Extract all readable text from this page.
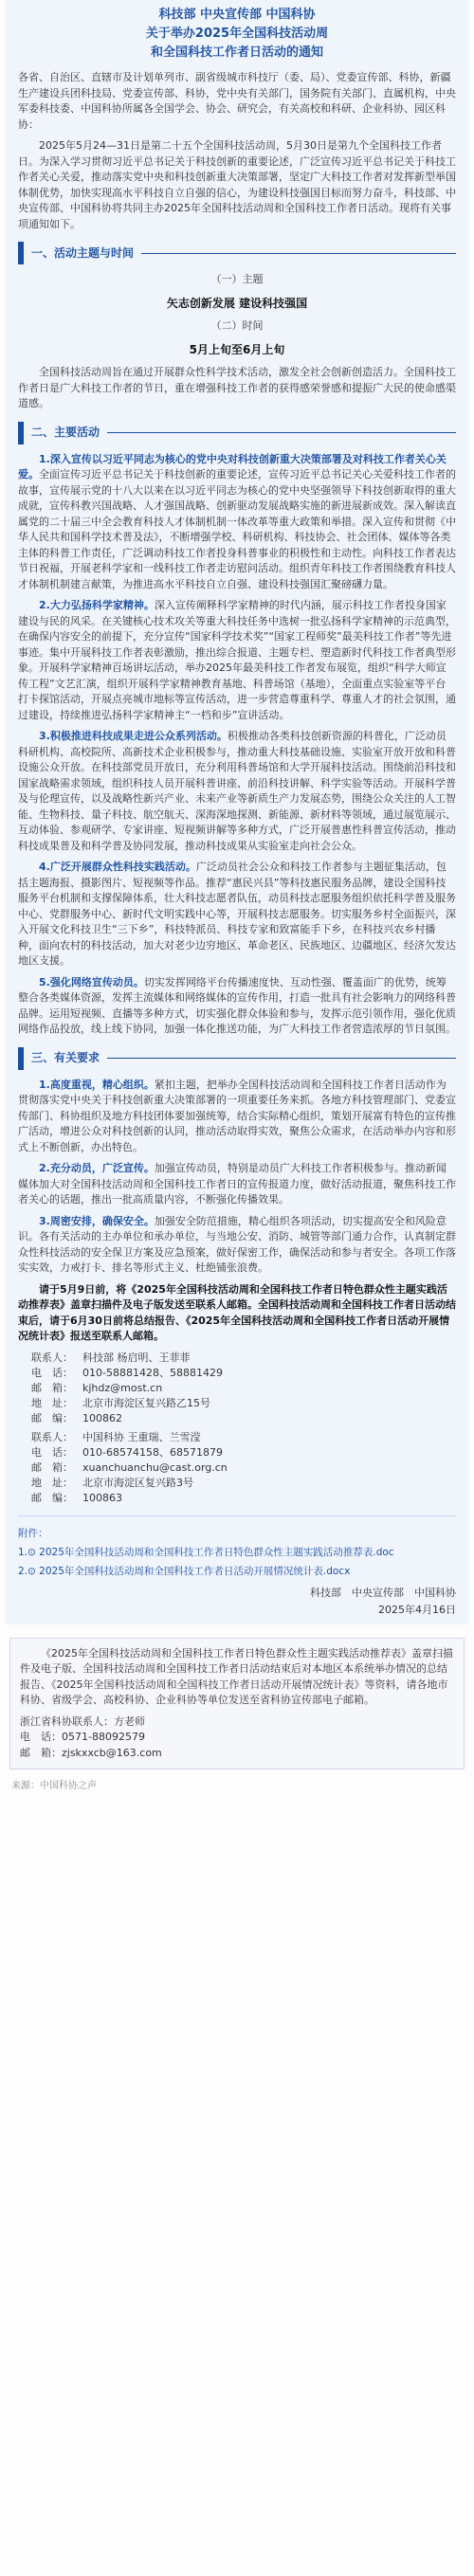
科技部 中央宣传部 中国科协
关于举办2025年全国科技活动周
和全国科技工作者日活动的通知

各省、自治区、直辖市及计划单列市、副省级城市科技厅（委、局）、党委宣传部、科协，新疆生产建设兵团科技局、党委宣传部、科协，党中央有关部门，国务院有关部门、直属机构，中央军委科技委、中国科协所属各全国学会、协会、研究会，有关高校和科研、企业科协、园区科协：

2025年5月24—31日是第二十五个全国科技活动周，5月30日是第九个全国科技工作者日。为深入学习贯彻习近平总书记关于科技创新的重要论述，广泛宣传习近平总书记关于科技工作者关心关爱，推动落实党中央和科技创新重大决策部署，坚定广大科技工作者对发挥新型举国体制优势，加快实现高水平科技自立自强的信心，为建设科技强国目标而努力奋斗，科技部、中央宣传部、中国科协将共同主办2025年全国科技活动周和全国科技工作者日活动。现将有关事项通知如下。

一、活动主题与时间
（一）主题
矢志创新发展 建设科技强国
（二）时间
5月上旬至6月上旬

全国科技活动周旨在通过开展群众性科学技术活动，激发全社会创新创造活力。全国科技工作者日是广大科技工作者的节日，重在增强科技工作者的获得感荣誉感和提振广大民的使命感渠道感。

二、主要活动

1.深入宣传以习近平同志为核心的党中央对科技创新重大决策部署及对科技工作者关心关爱。全面宣传习近平总书记关于科技创新的重要论述，宣传习近平总书记关心关爱科技工作者的故事，宣传展示党的十八大以来在以习近平同志为核心的党中央坚强领导下科技创新取得的重大成就，宣传科教兴国战略、人才强国战略、创新驱动发展战略实施的新进展新成效。深入解读直属党的二十届三中全会教育科技人才体制机制一体改革等重大政策和举措。深入宣传和贯彻《中华人民共和国科学技术普及法》，不断增强学校、科研机构、科技协会、社会团体、媒体等各类主体的科普工作责任，广泛调动科技工作者投身科普事业的积极性和主动性。向科技工作者表达节日祝福，开展老科学家和一线科技工作者走访慰问活动。组织青年科技工作者围绕教育科技人才体制机制建言献策，为推进高水平科技自立自强、建设科技强国汇聚磅礴力量。

2.大力弘扬科学家精神。深入宣传阐释科学家精神的时代内涵，展示科技工作者投身国家建设与民的风采。在关键核心技术攻关等重大科技任务中选树一批弘扬科学家精神的示范典型，在确保内容安全的前提下，充分宣传“国家科学技术奖”“国家工程师奖”最美科技工作者”等先进事迹。集中开展科技工作者表彰激励，推出综合报道、主题专栏、塑造新时代科技工作者典型形象。开展科学家精神百场讲坛活动，举办2025年最美科技工作者发布展览，组织“科学大师宣传工程”文艺汇演，组织开展科学家精神教育基地、科普场馆（基地），全面重点实验室等平台打卡探馆活动，开展点亮城市地标等宣传活动，进一步营造尊重科学、尊重人才的社会氛围，通过建设，持续推进弘扬科学家精神主“一档和步”宣讲活动。

3.积极推进科技成果走进公众系列活动。积极推动各类科技创新资源的科普化，广泛动员科研机构、高校院所、高新技术企业积极参与，推动重大科技基础设施、实验室开放开放和科普设施公众开放。在科技部党员开放日，充分利用科普场馆和大学开展科技活动。围绕前沿科技和国家战略需求领域，组织科技人员开展科普讲座、前沿科技讲解、科学实验等活动。开展科学普及与伦理宣传，以及战略性新兴产业、未来产业等新质生产力发展态势，围绕公众关注的人工智能、生物科技、量子科技、航空航天、深海深地探测、新能源、新材料等领域，通过展览展示、互动体验、参观研学、专家讲座、短视频讲解等多种方式，广泛开展普惠性科普宣传活动，推动科技成果普及和科学普及协同发展，推动科技成果从实验室走向社会公众。

4.广泛开展群众性科技实践活动。广泛动员社会公众和科技工作者参与主题征集活动，包括主题海报、摄影图片、短视频等作品。推荐“惠民兴县”等科技惠民服务品牌，建设全国科技服务平台机制和支撑保障体系，壮大科技志愿者队伍，动员科技志愿服务组织依托科学普及服务中心、党群服务中心、新时代文明实践中心等，开展科技志愿服务。切实服务乡村全面振兴，深入开展文化科技卫生“三下乡”，科技特派员、科技专家和致富能手下乡，在科技兴农乡村播种，面向农村的科技活动，加大对老少边穷地区、革命老区、民族地区、边疆地区、经济欠发达地区支援。

5.强化网络宣传动员。切实发挥网络平台传播速度快、互动性强、覆盖面广的优势，统筹整合各类媒体资源，发挥主流媒体和网络媒体的宣传作用，打造一批具有社会影响力的网络科普品牌。运用短视频、直播等多种方式，切实强化群众体验和参与，发挥示范引领作用，强化优质网络作品投放，线上线下协同，加强一体化推送功能，为广大科技工作者营造浓厚的节日氛围。

三、有关要求

1.高度重视，精心组织。紧扣主题，把举办全国科技活动周和全国科技工作者日活动作为贯彻落实党中央关于科技创新重大决策部署的一项重要任务来抓。各地方科技管理部门、党委宣传部门、科协组织及地方科技团体要加强统筹，结合实际精心组织，策划开展富有特色的宣传推广活动，增进公众对科技创新的认同，推动活动取得实效，聚焦公众需求，在活动举办内容和形式上不断创新，办出特色。

2.充分动员，广泛宣传。加强宣传动员，特别是动员广大科技工作者积极参与。推动新闻媒体加大对全国科技活动周和全国科技工作者日的宣传报道力度，做好活动报道，聚焦科技工作者关心的话题，推出一批高质量内容，不断强化传播效果。

3.周密安排，确保安全。加强安全防范措施，精心组织各项活动，切实提高安全和风险意识。各有关活动的主办单位和承办单位，与当地公安、消防、城管等部门通力合作，认真制定群众性科技活动的安全保卫方案及应急预案，做好保密工作，确保活动和参与者安全。各项工作落实实效，力戒打卡、排名等形式主义、杜绝铺张浪费。

请于5月9日前，将《2025年全国科技活动周和全国科技工作者日特色群众性主题实践活动推荐表》盖章扫描件及电子版发送至联系人邮箱。全国科技活动周和全国科技工作者日活动结束后，请于6月30日前将总结报告、《2025年全国科技活动周和全国科技工作者日活动开展情况统计表》报送至联系人邮箱。

联系人： 科技部 杨启明、王菲菲
电　话： 010-58881428、58881429
邮　箱： kjhdz@most.cn
地　址： 北京市海淀区复兴路乙15号
邮　编： 100862
联系人： 中国科协 王重瑞、兰雪滢
电　话： 010-68574158、68571879
邮　箱： xuanchuanchu@cast.org.cn
地　址： 北京市海淀区复兴路3号
邮　编： 100863
附件：
1.⊙ 2025年全国科技活动周和全国科技工作者日特色群众性主题实践活动推荐表.doc
2.⊙ 2025年全国科技活动周和全国科技工作者日活动开展情况统计表.docx
科技部　中央宣传部　中国科协
2025年4月16日

《2025年全国科技活动周和全国科技工作者日特色群众性主题实践活动推荐表》盖章扫描件及电子版、全国科技活动周和全国科技工作者日活动结束后对本地区本系统举办情况的总结报告、《2025年全国科技活动周和全国科技工作者日活动开展情况统计表》等资料，请各地市科协、省级学会、高校科协、企业科协等单位发送至省科协宣传部电子邮箱。

浙江省科协联系人：方老师
电　话：0571-88092579
邮　箱：zjskxxcb@163.com
来源：中国科协之声
